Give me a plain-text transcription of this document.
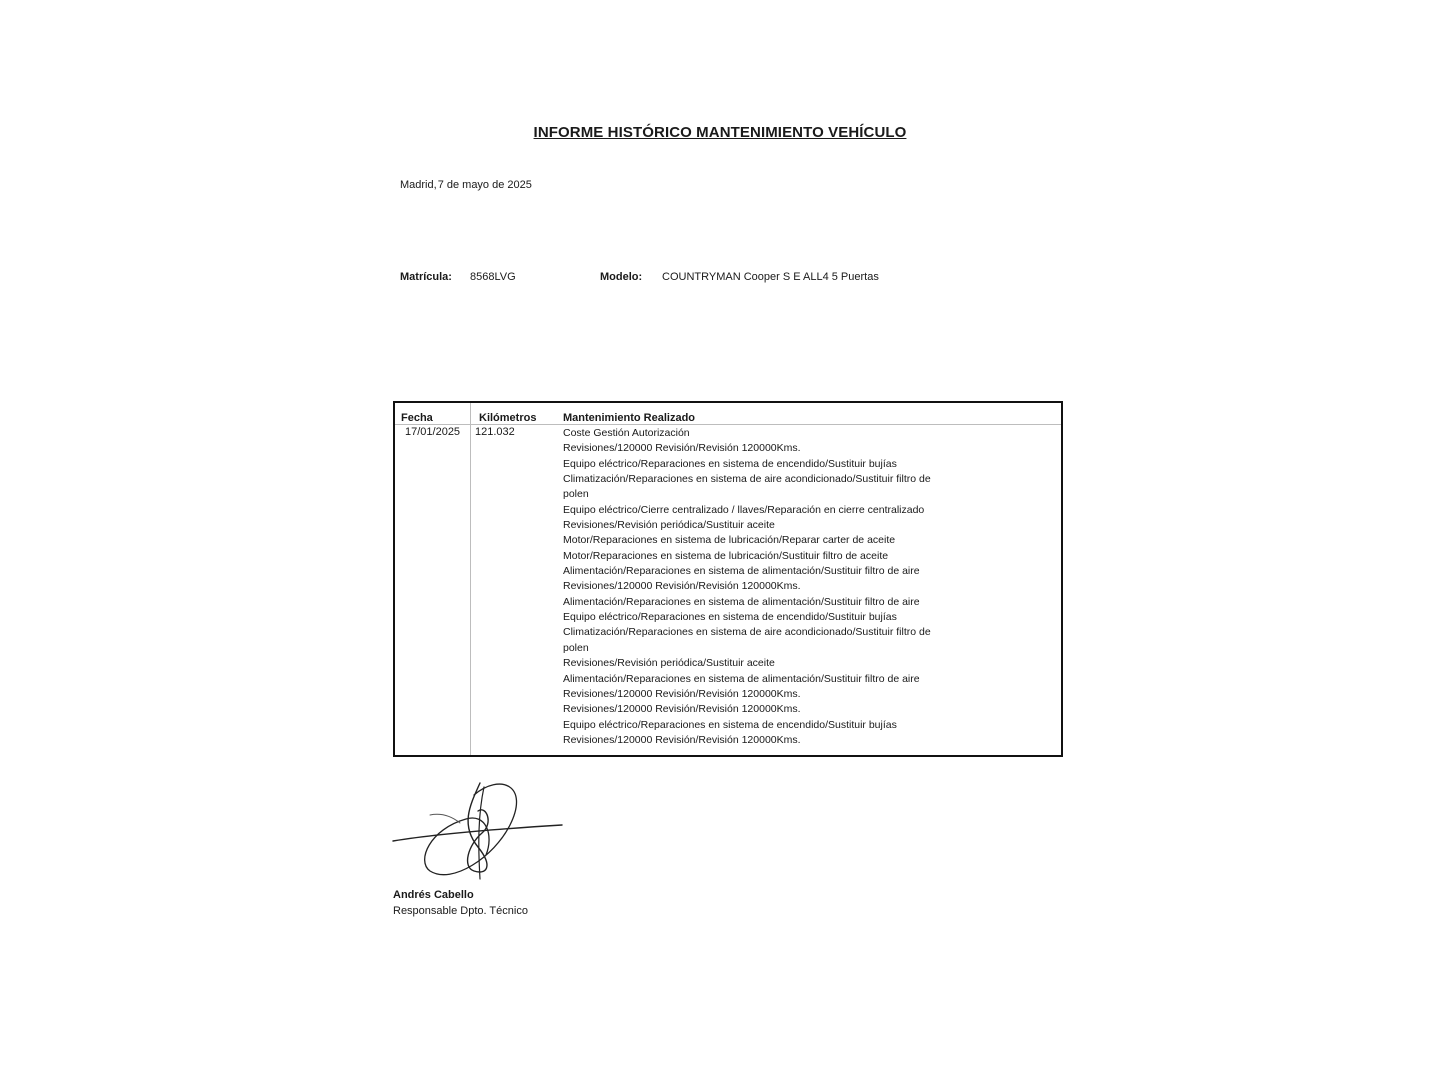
INFORME HISTÓRICO MANTENIMIENTO VEHÍCULO
Madrid,7 de mayo de 2025
Matrícula: 8568LVG	Modelo: COUNTRYMAN Cooper S E ALL4 5 Puertas
Fecha	Kilómetros Mantenimiento Realizado
17/01/2025 121.032	Coste Gestión Autorización
Revisiones/120000 Revisión/Revisión 120000Kms.
Equipo eléctrico/Reparaciones en sistema de encendido/Sustituir bujías
Climatización/Reparaciones en sistema de aire acondicionado/Sustituir filtro de
polen
Equipo eléctrico/Cierre centralizado / llaves/Reparación en cierre centralizado
Revisiones/Revisión periódica/Sustituir aceite
Motor/Reparaciones en sistema de lubricación/Reparar carter de aceite
Motor/Reparaciones en sistema de lubricación/Sustituir filtro de aceite
Alimentación/Reparaciones en sistema de alimentación/Sustituir filtro de aire
Revisiones/120000 Revisión/Revisión 120000Kms.
Alimentación/Reparaciones en sistema de alimentación/Sustituir filtro de aire
Equipo eléctrico/Reparaciones en sistema de encendido/Sustituir bujías
Climatización/Reparaciones en sistema de aire acondicionado/Sustituir filtro de
polen
Revisiones/Revisión periódica/Sustituir aceite
Alimentación/Reparaciones en sistema de alimentación/Sustituir filtro de aire
Revisiones/120000 Revisión/Revisión 120000Kms.
Revisiones/120000 Revisión/Revisión 120000Kms.
Equipo eléctrico/Reparaciones en sistema de encendido/Sustituir bujías
Revisiones/120000 Revisión/Revisión 120000Kms.
Andrés Cabello
Responsable Dpto. Técnico
